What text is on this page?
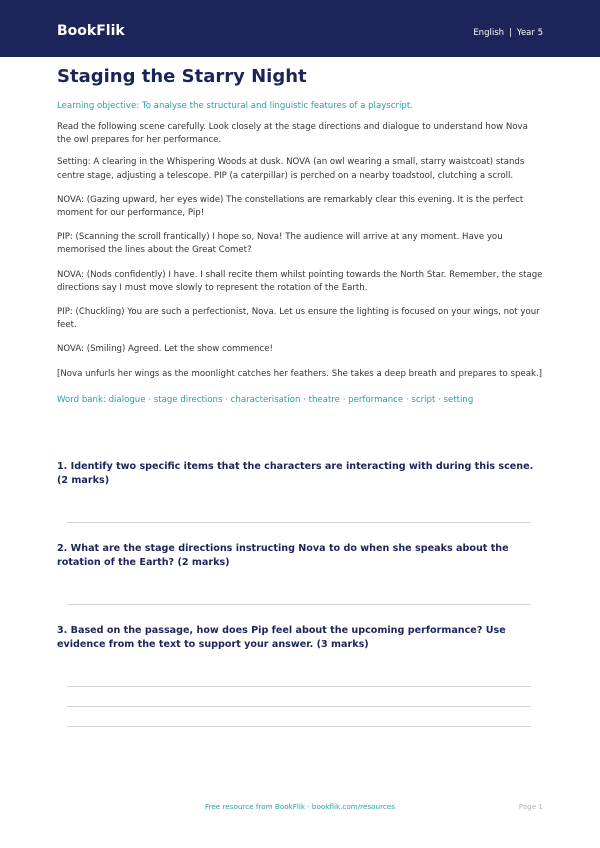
BookFlik	English | Year 5
Staging the Starry Night

Learning objective: To analyse the structural and linguistic features of a playscript.

Read the following scene carefully. Look closely at the stage directions and dialogue to understand how Nova the owl prepares for her performance.

Setting: A clearing in the Whispering Woods at dusk. NOVA (an owl wearing a small, starry waistcoat) stands centre stage, adjusting a telescope. PIP (a caterpillar) is perched on a nearby toadstool, clutching a scroll.

NOVA: (Gazing upward, her eyes wide) The constellations are remarkably clear this evening. It is the perfect moment for our performance, Pip!

PIP: (Scanning the scroll frantically) I hope so, Nova! The audience will arrive at any moment. Have you memorised the lines about the Great Comet?

NOVA: (Nods confidently) I have. I shall recite them whilst pointing towards the North Star. Remember, the stage directions say I must move slowly to represent the rotation of the Earth.

PIP: (Chuckling) You are such a perfectionist, Nova. Let us ensure the lighting is focused on your wings, not your feet.

NOVA: (Smiling) Agreed. Let the show commence!

[Nova unfurls her wings as the moonlight catches her feathers. She takes a deep breath and prepares to speak.]

Word bank: dialogue · stage directions · characterisation · theatre · performance · script · setting

1. Identify two specific items that the characters are interacting with during this scene. (2 marks)

2. What are the stage directions instructing Nova to do when she speaks about the rotation of the Earth? (2 marks)

3. Based on the passage, how does Pip feel about the upcoming performance? Use evidence from the text to support your answer. (3 marks)

Free resource from BookFlik · bookflik.com/resources	Page 1
